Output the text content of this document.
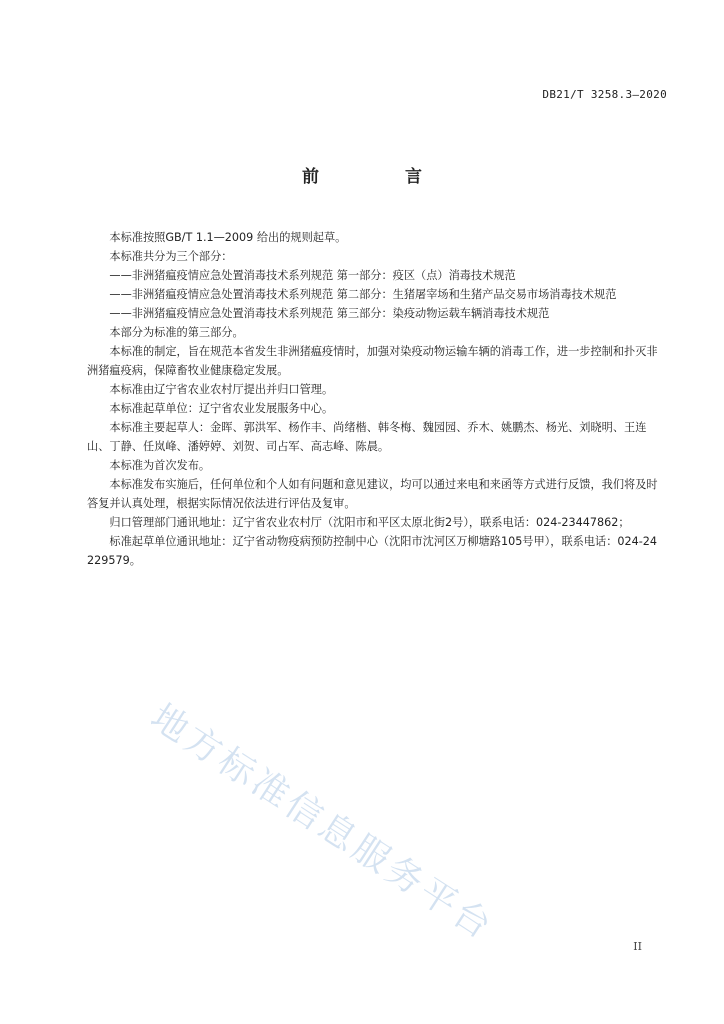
DB21/T 3258.3—2020
前 言

本标准按照GB/T 1.1—2009 给出的规则起草。

本标准共分为三个部分：

——非洲猪瘟疫情应急处置消毒技术系列规范 第一部分：疫区（点）消毒技术规范

——非洲猪瘟疫情应急处置消毒技术系列规范 第二部分：生猪屠宰场和生猪产品交易市场消毒技术规范

——非洲猪瘟疫情应急处置消毒技术系列规范 第三部分：染疫动物运载车辆消毒技术规范

本部分为标准的第三部分。

本标准的制定，旨在规范本省发生非洲猪瘟疫情时，加强对染疫动物运输车辆的消毒工作，进一步控制和扑灭非洲猪瘟疫病，保障畜牧业健康稳定发展。

本标准由辽宁省农业农村厅提出并归口管理。

本标准起草单位：辽宁省农业发展服务中心。

本标准主要起草人：金晖、郭洪军、杨作丰、尚绪楷、韩冬梅、魏园园、乔木、姚鹏杰、杨光、刘晓明、王连山、丁静、任岚峰、潘婷婷、刘贺、司占军、高志峰、陈晨。

本标准为首次发布。

本标准发布实施后，任何单位和个人如有问题和意见建议，均可以通过来电和来函等方式进行反馈，我们将及时答复并认真处理，根据实际情况依法进行评估及复审。

归口管理部门通讯地址：辽宁省农业农村厅（沈阳市和平区太原北街2号），联系电话：024-23447862；

标准起草单位通讯地址：辽宁省动物疫病预防控制中心（沈阳市沈河区万柳塘路105号甲），联系电话：024-24229579。

地方标准信息服务平台	II
